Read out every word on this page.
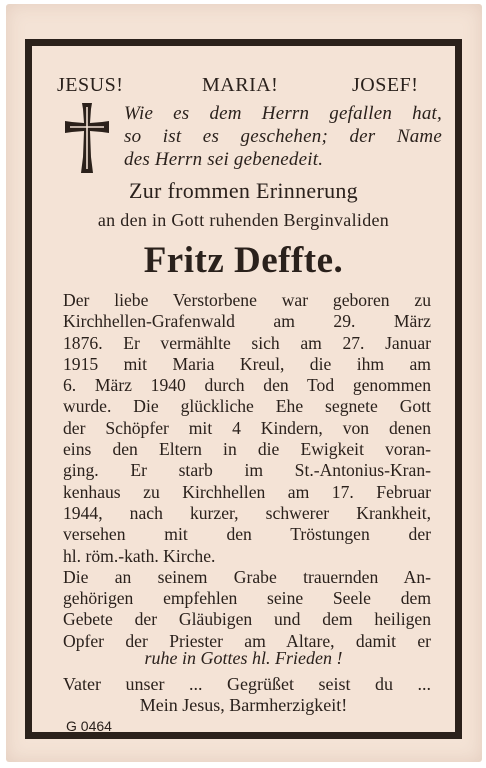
JESUS!	MARIA!	JOSEF!
Wie es dem Herrn gefallen hat,
so ist es geschehen; der Name
des Herrn sei gebenedeit.
Zur frommen Erinnerung
an den in Gott ruhenden Berginvaliden
Fritz Deffte.
Der liebe Verstorbene war geboren zu
Kirchhellen-Grafenwald am 29. März
1876. Er vermählte sich am 27. Januar
1915 mit Maria Kreul, die ihm am
6. März 1940 durch den Tod genommen
wurde. Die glückliche Ehe segnete Gott
der Schöpfer mit 4 Kindern, von denen
eins den Eltern in die Ewigkeit voran-
ging. Er starb im St.-Antonius-Kran-
kenhaus zu Kirchhellen am 17. Februar
1944, nach kurzer, schwerer Krankheit,
versehen mit den Tröstungen der
hl. röm.-kath. Kirche.
Die an seinem Grabe trauernden An-
gehörigen empfehlen seine Seele dem
Gebete der Gläubigen und dem heiligen
Opfer der Priester am Altare, damit er
ruhe in Gottes hl. Frieden !
Vater unser ... Gegrüßet seist du ...
Mein Jesus, Barmherzigkeit!
G 0464
